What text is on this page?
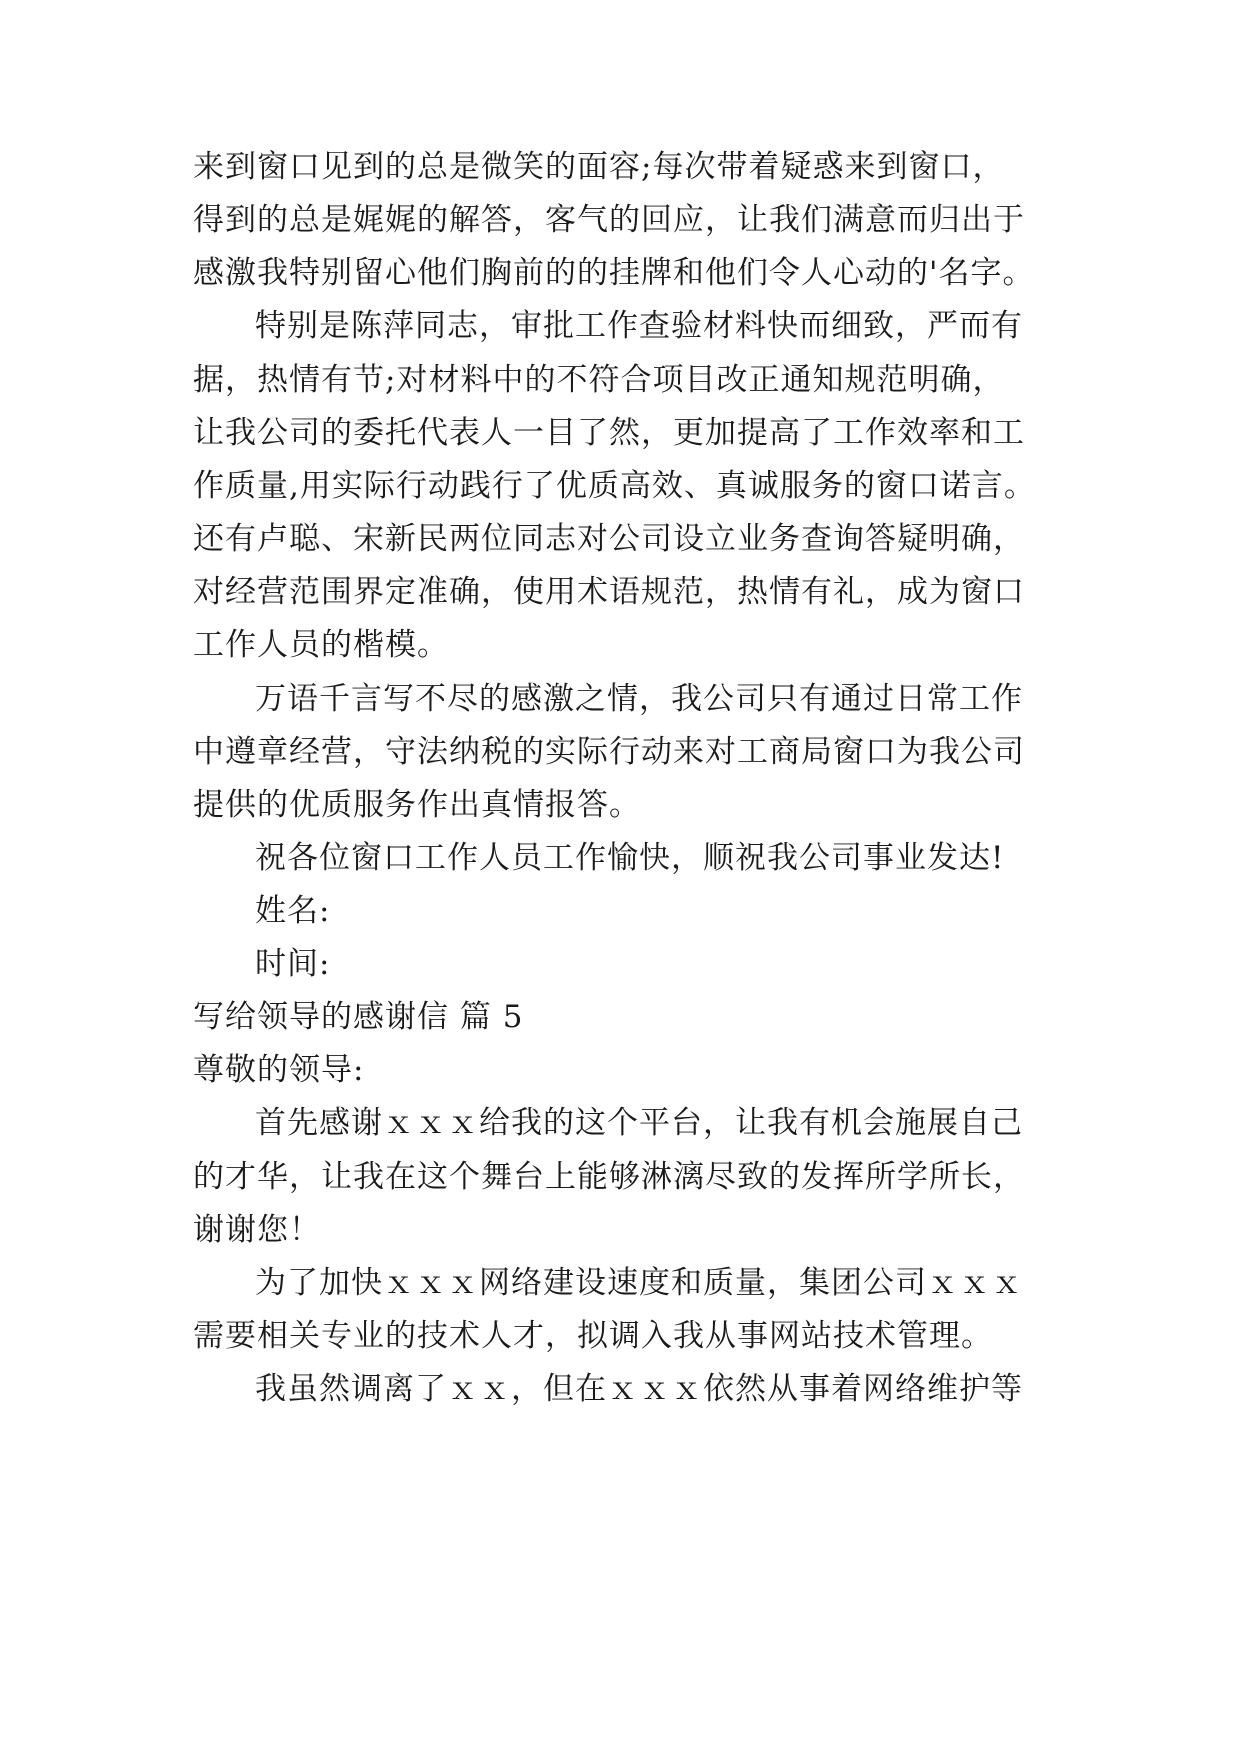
来到窗口见到的总是微笑的面容;每次带着疑惑来到窗口，
得到的总是娓娓的解答，客气的回应，让我们满意而归出于
感激我特别留心他们胸前的的挂牌和他们令人心动的'名字。
特别是陈萍同志，审批工作查验材料快而细致，严而有
据，热情有节;对材料中的不符合项目改正通知规范明确，
让我公司的委托代表人一目了然，更加提高了工作效率和工
作质量,用实际行动践行了优质高效、真诚服务的窗口诺言。
还有卢聪、宋新民两位同志对公司设立业务查询答疑明确，
对经营范围界定准确，使用术语规范，热情有礼，成为窗口
工作人员的楷模。
万语千言写不尽的感激之情，我公司只有通过日常工作
中遵章经营，守法纳税的实际行动来对工商局窗口为我公司
提供的优质服务作出真情报答。
祝各位窗口工作人员工作愉快，顺祝我公司事业发达!
姓名:
时间:
写给领导的感谢信 篇 5
尊敬的领导:
首先感谢ｘｘｘ给我的这个平台，让我有机会施展自己
的才华，让我在这个舞台上能够淋漓尽致的发挥所学所长，
谢谢您！
为了加快ｘｘｘ网络建设速度和质量，集团公司ｘｘｘ
需要相关专业的技术人才，拟调入我从事网站技术管理。
我虽然调离了ｘｘ，但在ｘｘｘ依然从事着网络维护等
